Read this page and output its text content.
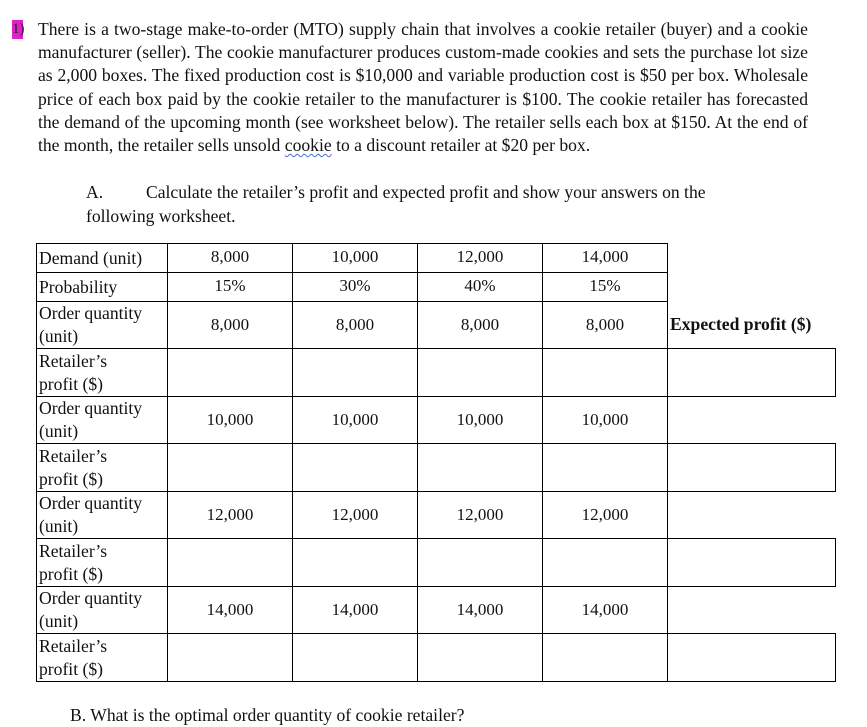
1) There is a two-stage make-to-order (MTO) supply chain that involves a cookie retailer (buyer) and a cookie manufacturer (seller). The cookie manufacturer produces custom-made cookies and sets the purchase lot size as 2,000 boxes. The fixed production cost is $10,000 and variable production cost is $50 per box. Wholesale price of each box paid by the cookie retailer to the manufacturer is $100. The cookie retailer has forecasted the demand of the upcoming month (see worksheet below). The retailer sells each box at $150. At the end of the month, the retailer sells unsold cookie to a discount retailer at $20 per box.
A. Calculate the retailer’s profit and expected profit and show your answers on the
following worksheet.
Demand (unit)	8,000	10,000	12,000	14,000	

Probability	15%	30%	40%	15%	

Order quantity
(unit)	8,000	8,000	8,000	8,000	Expected profit ($)
Retailer’s
profit ($)					
Order quantity
(unit)	10,000	10,000	10,000	10,000	
Retailer’s
profit ($)					
Order quantity
(unit)	12,000	12,000	12,000	12,000	
Retailer’s
profit ($)					
Order quantity
(unit)	14,000	14,000	14,000	14,000	
Retailer’s
profit ($)					
B. What is the optimal order quantity of cookie retailer?
